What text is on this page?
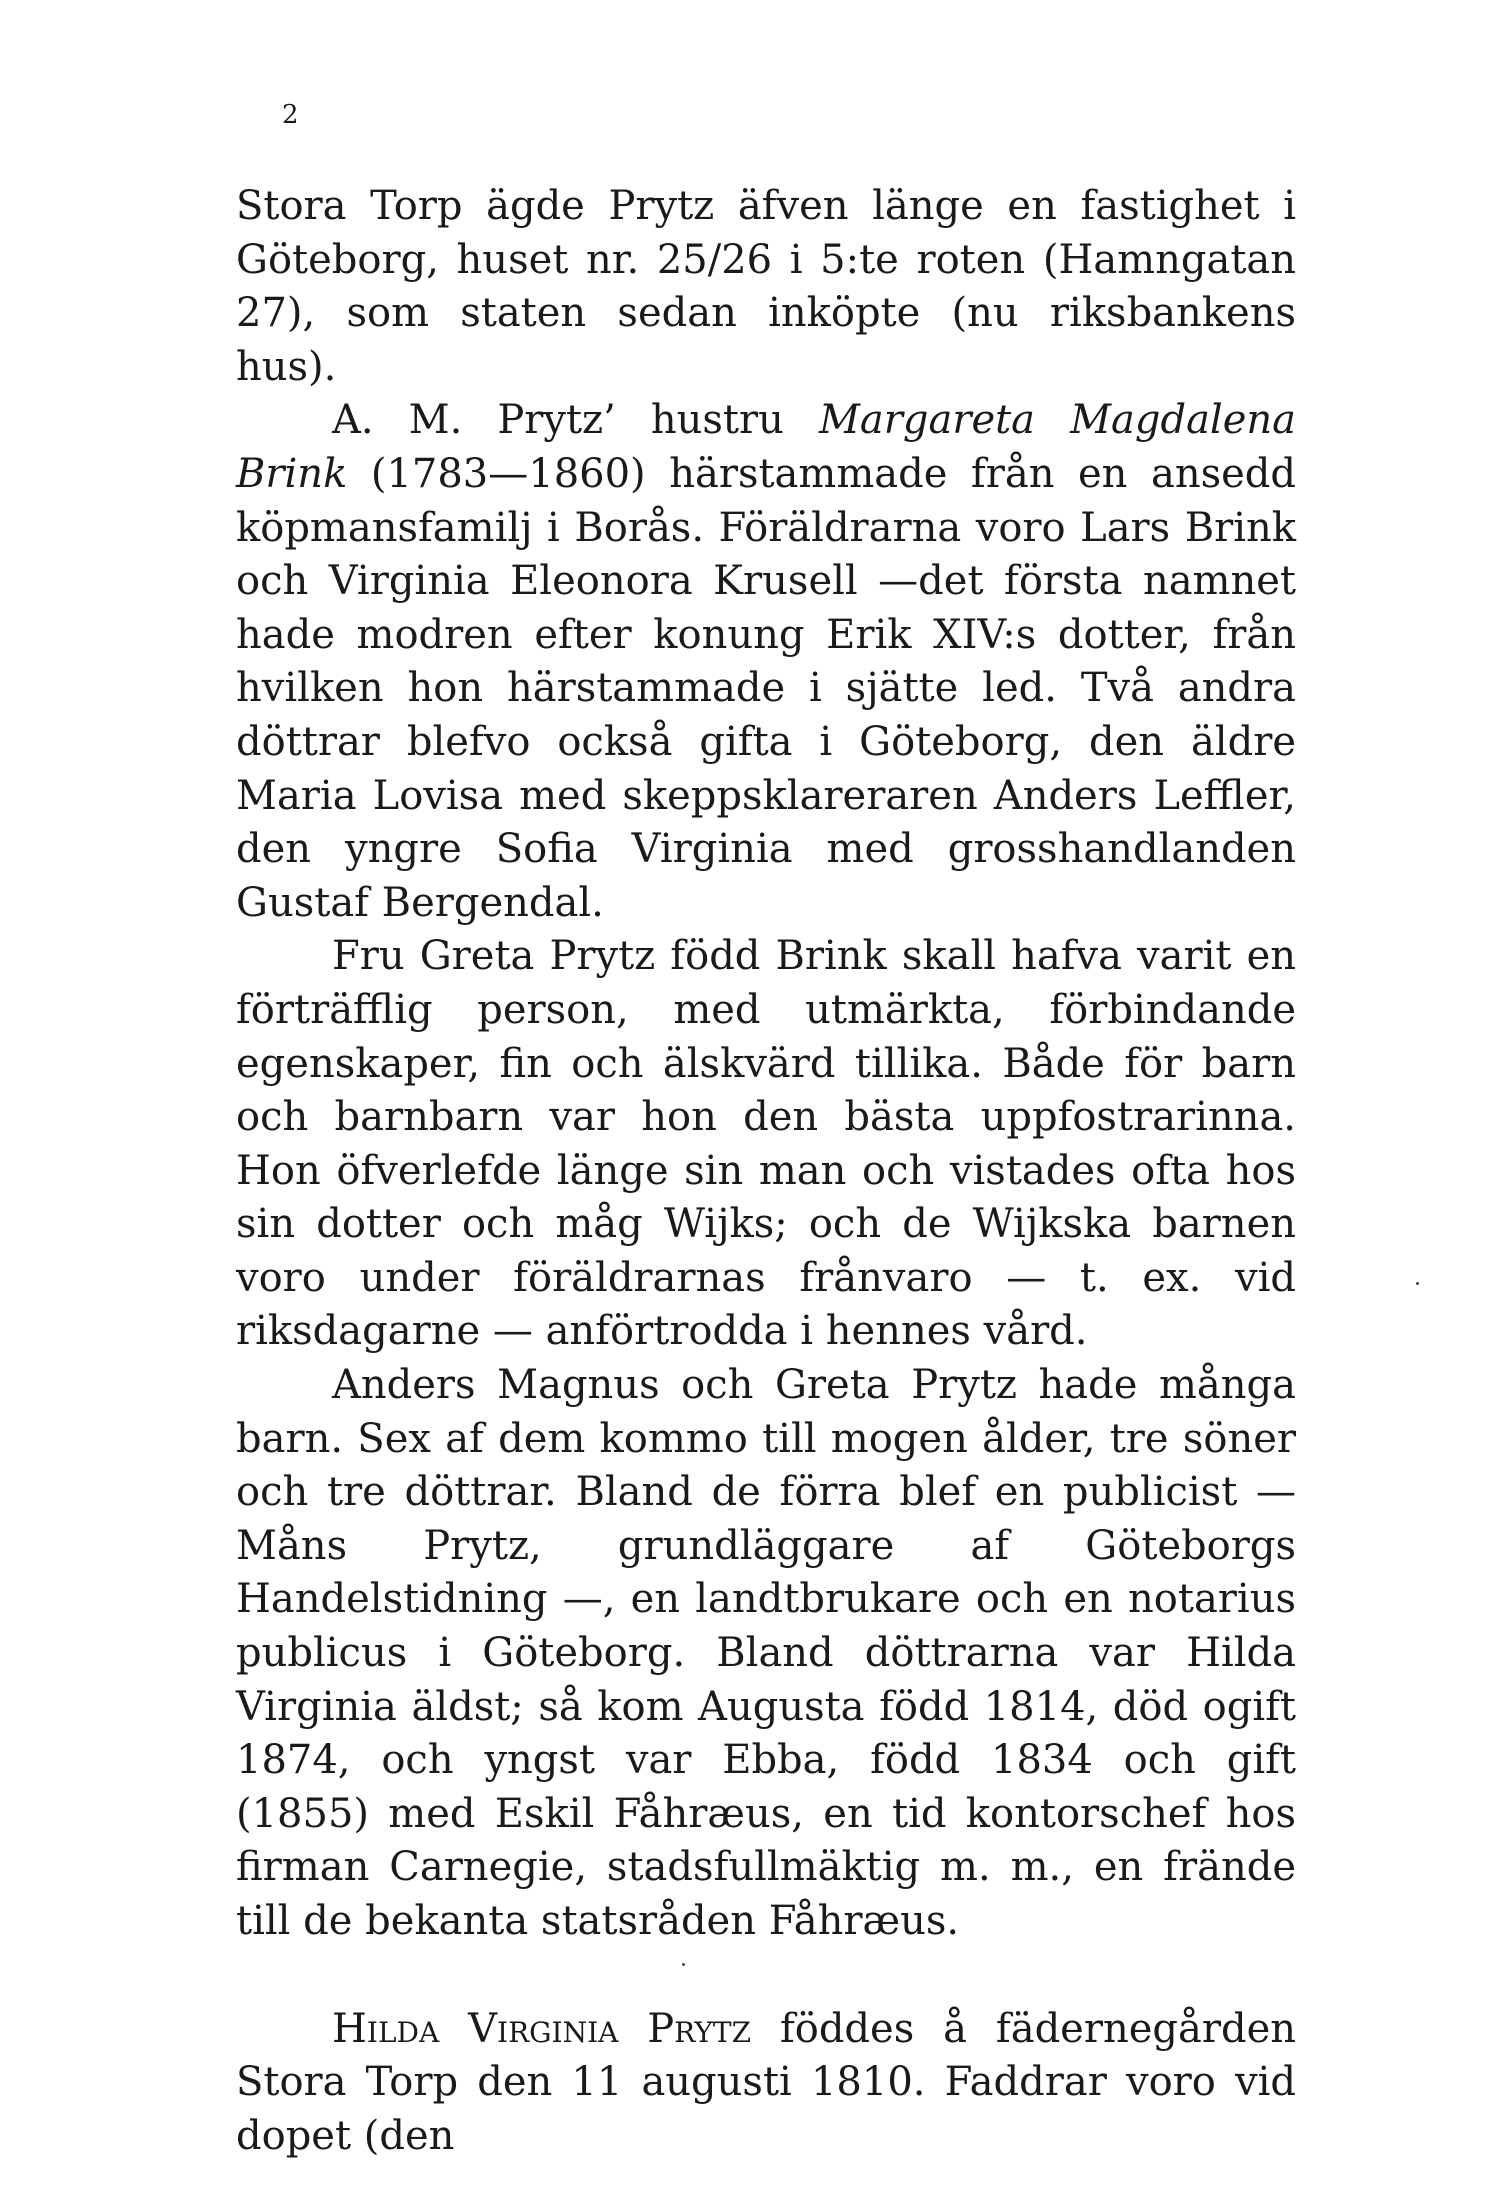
2

Stora Torp ägde Prytz äfven länge en fastighet i Göteborg, huset nr. 25/26 i 5:te roten (Hamngatan 27), som staten sedan inköpte (nu riksbankens hus).

A. M. Prytz’ hustru Margareta Magdalena Brink (1783—1860) härstammade från en ansedd köpmansfamilj i Borås. Föräldrarna voro Lars Brink och Virginia Eleonora Krusell —det första namnet hade modren efter konung Erik XIV:s dotter, från hvilken hon härstammade i sjätte led. Två andra döttrar blefvo också gifta i Göteborg, den äldre Maria Lovisa med skeppsklareraren Anders Leffler, den yngre Sofia Virginia med grosshandlanden Gustaf Bergendal.

Fru Greta Prytz född Brink skall hafva varit en förträfflig person, med utmärkta, förbindande egenskaper, fin och älskvärd tillika. Både för barn och barnbarn var hon den bästa uppfostrarinna. Hon öfverlefde länge sin man och vistades ofta hos sin dotter och måg Wijks; och de Wijkska barnen voro under föräldrarnas frånvaro — t. ex. vid riksdagarne — anförtrodda i hennes vård.

Anders Magnus och Greta Prytz hade många barn. Sex af dem kommo till mogen ålder, tre söner och tre döttrar. Bland de förra blef en publicist — Måns Prytz, grundläggare af Göteborgs Handelstidning —, en landtbrukare och en notarius publicus i Göteborg. Bland döttrarna var Hilda Virginia äldst; så kom Augusta född 1814, död ogift 1874, och yngst var Ebba, född 1834 och gift (1855) med Eskil Fåhræus, en tid kontorschef hos firman Carnegie, stadsfullmäktig m. m., en frände till de bekanta statsråden Fåhræus.

Hilda Virginia Prytz föddes å fädernegården Stora Torp den 11 augusti 1810. Faddrar voro vid dopet (den
